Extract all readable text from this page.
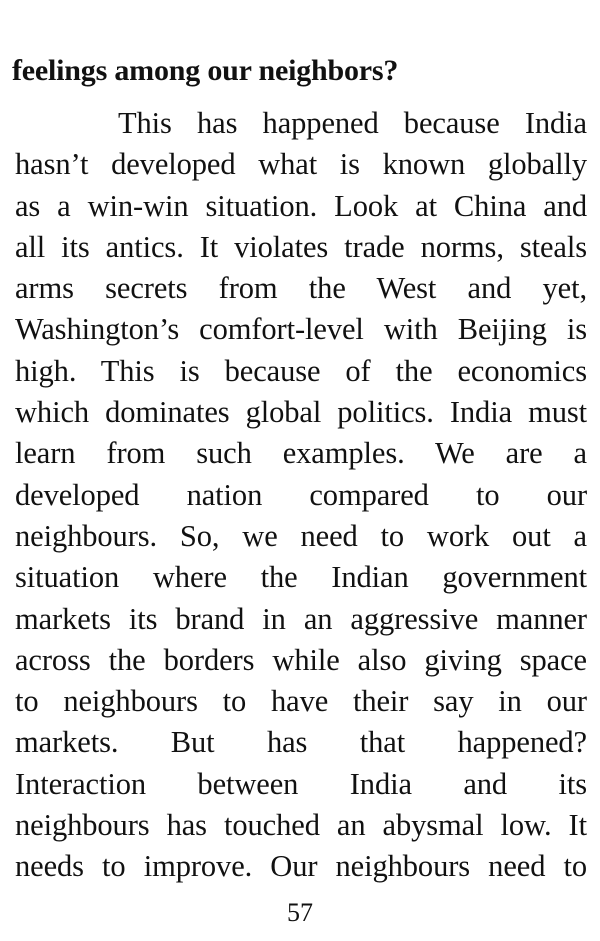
feelings among our neighbors?
This has happened because India
hasn’t developed what is known globally
as a win-win situation. Look at China and
all its antics. It violates trade norms, steals
arms secrets from the West and yet,
Washington’s comfort-level with Beijing is
high. This is because of the economics
which dominates global politics. India must
learn from such examples. We are a
developed nation compared to our
neighbours. So, we need to work out a
situation where the Indian government
markets its brand in an aggressive manner
across the borders while also giving space
to neighbours to have their say in our
markets. But has that happened?
Interaction between India and its
neighbours has touched an abysmal low. It
needs to improve. Our neighbours need to
57
